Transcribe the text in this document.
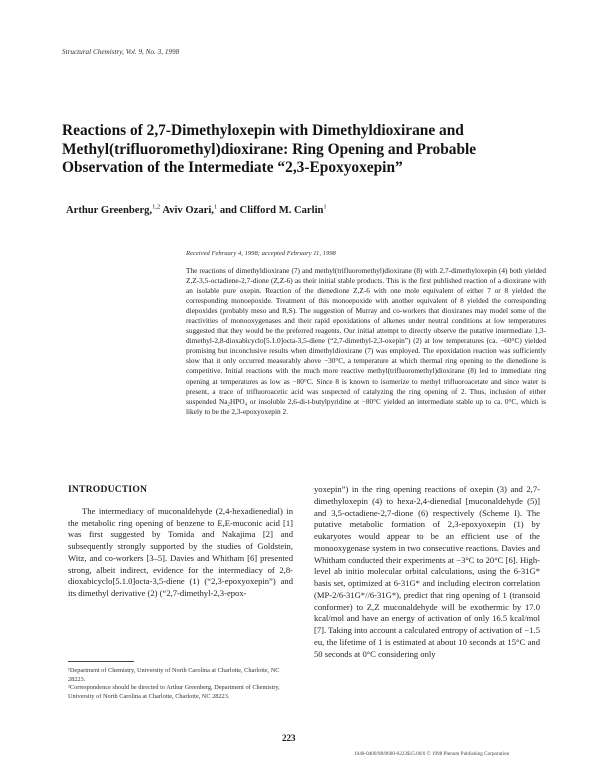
Structural Chemistry, Vol. 9, No. 3, 1998
Reactions of 2,7-Dimethyloxepin with Dimethyldioxirane and Methyl(trifluoromethyl)dioxirane: Ring Opening and Probable Observation of the Intermediate “2,3-Epoxyoxepin”
Arthur Greenberg,$^{1,2}$ Aviv Ozari,$^1$ and Clifford M. Carlin$^1$
Received February 4, 1998; accepted February 11, 1998

The reactions of dimethyldioxirane (7) and methyl(trifluoromethyl)dioxirane (8) with 2,7-dimethyloxepin (4) both yielded Z,Z-3,5-octadiene-2,7-dione (Z,Z-6) as their initial stable products. This is the first published reaction of a dioxirane with an isolable pure oxepin. Reaction of the dienedione Z,Z-6 with one mole equivalent of either 7 or 8 yielded the corresponding monoepoxide. Treatment of this monoepoxide with another equivalent of 8 yielded the corresponding diepoxides (probably meso and R,S). The suggestion of Murray and co-workers that dioxiranes may model some of the reactivities of monooxygenases and their rapid epoxidations of alkenes under neutral conditions at low temperatures suggested that they would be the preferred reagents. Our initial attempt to directly observe the putative intermediate 1,3-dimethyl-2,8-dioxabicyclo[5.1.0]octa-3,5-diene (“2,7-dimethyl-2,3-oxepin”) (2) at low temperatures (ca. −60°C) yielded promising but inconclusive results when dimethyldioxirane (7) was employed. The epoxidation reaction was sufficiently slow that it only occurred measurably above −30°C, a temperature at which thermal ring opening to the dienedione is competitive. Initial reactions with the much more reactive methyl(trifluoromethyl)dioxirane (8) led to immediate ring opening at temperatures as low as −80°C. Since 8 is known to isomerize to methyl trifluoroacetate and since water is present, a trace of trifluoroacetic acid was suspected of catalyzing the ring opening of 2. Thus, inclusion of either suspended Na₂HPO₄ or insoluble 2,6-di-t-butylpyridine at −80°C yielded an intermediate stable up to ca. 0°C, which is likely to be the 2,3-epoxyoxepin 2.

INTRODUCTION

The intermediacy of muconaldehyde (2,4-hexadienedial) in the metabolic ring opening of benzene to E,E-muconic acid [1] was first suggested by Tomida and Nakajima [2] and subsequently strongly supported by the studies of Goldstein, Witz, and co-workers [3–5]. Davies and Whitham [6] presented strong, albeit indirect, evidence for the intermediacy of 2,8-dioxabicyclo[5.1.0]octa-3,5-diene (1) (“2,3-epoxyoxepin”) and its dimethyl derivative (2) (“2,7-dimethyl-2,3-epox-

yoxepin”) in the ring opening reactions of oxepin (3) and 2,7-dimethyloxepin (4) to hexa-2,4-dienedial [muconaldehyde (5)] and 3,5-octadiene-2,7-dione (6) respectively (Scheme I). The putative metabolic formation of 2,3-epoxyoxepin (1) by eukaryotes would appear to be an efficient use of the monooxygenase system in two consecutive reactions. Davies and Whitham conducted their experiments at −3°C to 20°C [6]. High-level ab initio molecular orbital calculations, using the 6-31G* basis set, optimized at 6-31G* and including electron correlation (MP-2/6-31G*//6-31G*), predict that ring opening of 1 (transoid conformer) to Z,Z muconaldehyde will be exothermic by 17.0 kcal/mol and have an energy of activation of only 16.5 kcal/mol [7]. Taking into account a calculated entropy of activation of −1.5 eu, the lifetime of 1 is estimated at about 10 seconds at 15°C and 50 seconds at 0°C considering only

¹Department of Chemistry, University of North Carolina at Charlotte, Charlotte, NC 28223.

²Correspondence should be directed to Arthur Greenberg, Department of Chemistry, University of North Carolina at Charlotte, Charlotte, NC 28223.

223
1040-0400/98/0600-0223$15.00/0 © 1998 Plenum Publishing Corporation
